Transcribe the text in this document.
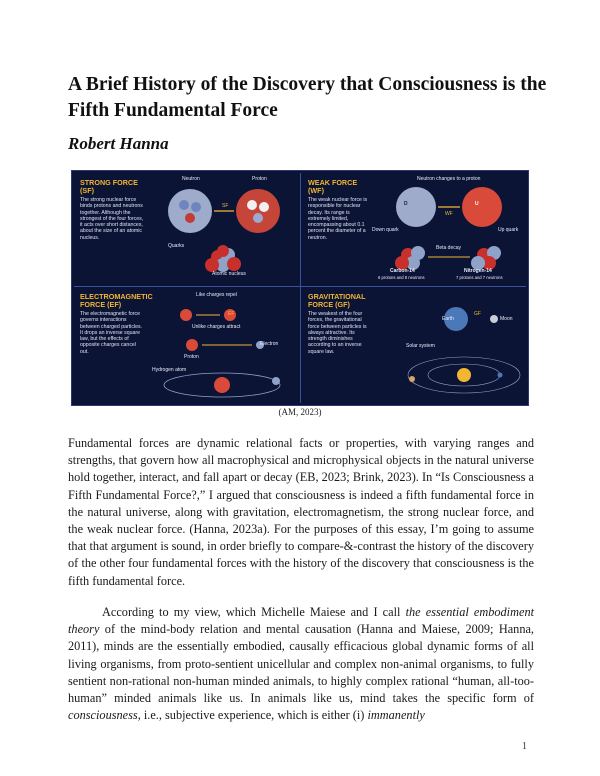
A Brief History of the Discovery that Consciousness is the Fifth Fundamental Force

Robert Hanna

STRONG FORCE (SF)
The strong nuclear force binds protons and neutrons together. Although the strongest of the four forces, it acts over short distances, about the size of an atomic nucleus.
Neutron	Proton
SF
Quarks
Atomic nucleus
WEAK FORCE (WF)
The weak nuclear force is responsible for nuclear decay. Its range is extremely limited, encompassing about 0.1 percent the diameter of a neutron.
D	U
Neutron changes to a proton
Down quark	Up quark
WF
Beta decay
Carbon-14
6 protons and 8 neutrons
Nitrogen-14
7 protons and 7 neutrons
ELECTROMAGNETIC FORCE (EF)
The electromagnetic force governs interactions between charged particles. It drops an inverse square law, but the effects of opposite charges cancel out.
Like charges repel
EF
Unlike charges attract
Proton
Electron
Hydrogen atom
GRAVITATIONAL FORCE (GF)
The weakest of the four forces, the gravitational force between particles is always attractive. Its strength diminishes according to an inverse square law.
Earth	Moon
GF
Solar system
(AM, 2023)

Fundamental forces are dynamic relational facts or properties, with varying ranges and strengths, that govern how all macrophysical and microphysical objects in the natural universe hold together, interact, and fall apart or decay (EB, 2023; Brink, 2023). In “Is Consciousness a Fifth Fundamental Force?,” I argued that consciousness is indeed a fifth fundamental force in the natural universe, along with gravitation, electromagnetism, the strong nuclear force, and the weak nuclear force. (Hanna, 2023a). For the purposes of this essay, I’m going to assume that that argument is sound, in order briefly to compare-&-contrast the history of the discovery of the other four fundamental forces with the history of the discovery that consciousness is the fifth fundamental force.

According to my view, which Michelle Maiese and I call the essential embodiment theory of the mind-body relation and mental causation (Hanna and Maiese, 2009; Hanna, 2011), minds are the essentially embodied, causally efficacious global dynamic forms of all living organisms, from proto-sentient unicellular and complex non-animal organisms, to fully sentient non-rational non-human minded animals, to highly complex rational “human, all-too-human” minded animals like us. In animals like us, mind takes the specific form of consciousness, i.e., subjective experience, which is either (i) immanently

1
